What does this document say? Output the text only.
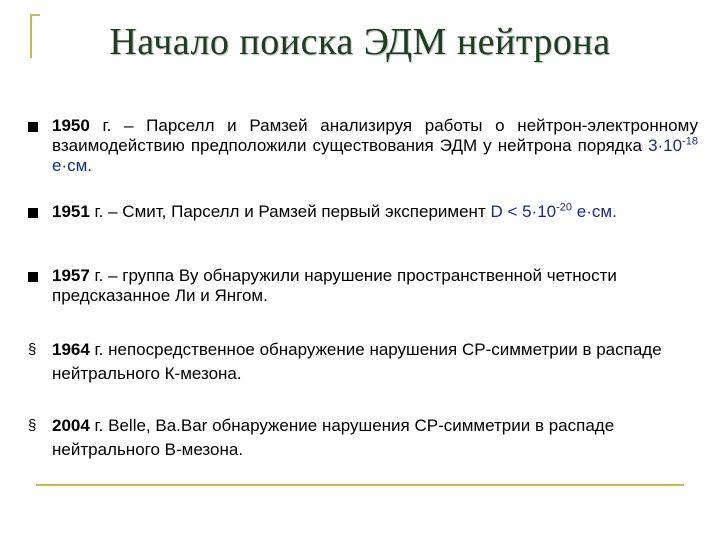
Начало поиска ЭДМ нейтрона
1950 г. – Парселл и Рамзей анализируя работы о нейтрон-электронному взаимодействию предположили существования ЭДМ у нейтрона порядка $3\cdot 10^{-18}$ е·см.
1951 г. – Смит, Парселл и Рамзей первый эксперимент $D < 5\cdot 10^{-20}$ е·см.
1957 г. – группа Ву обнаружили нарушение пространственной четности предсказанное Ли и Янгом.
§ 1964 г. непосредственное обнаружение нарушения СР-симметрии в распаде нейтрального К-мезона.
§ 2004 г. Belle, Ba.Bar обнаружение нарушения СР-симметрии в распаде нейтрального В-мезона.
